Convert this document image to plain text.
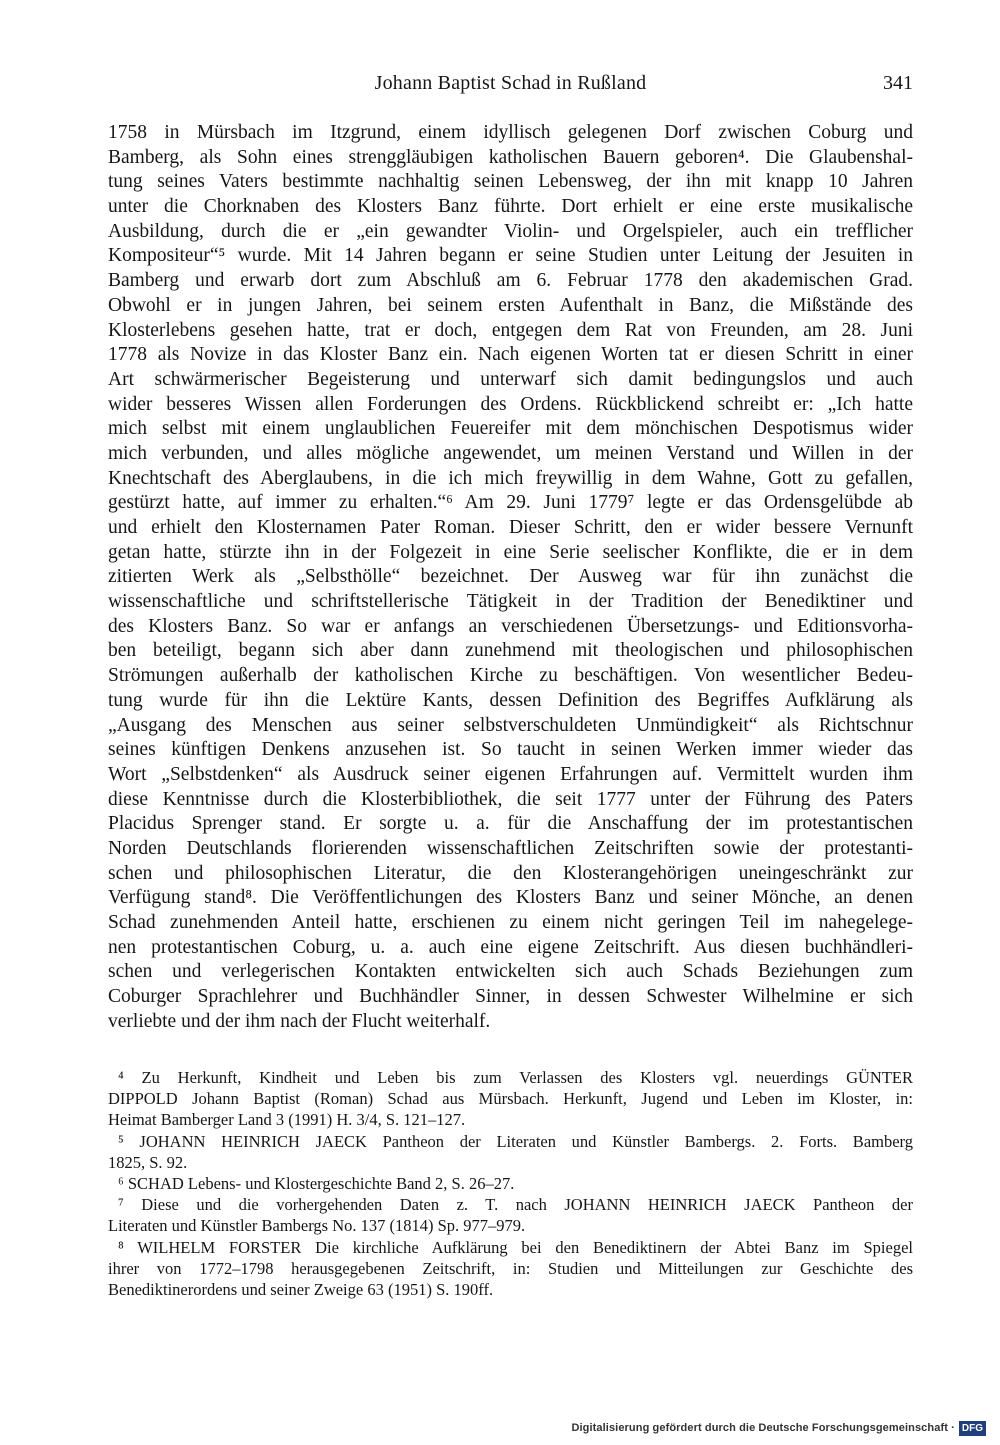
Johann Baptist Schad in Rußland	341
1758 in Mürsbach im Itzgrund, einem idyllisch gelegenen Dorf zwischen Coburg und
Bamberg, als Sohn eines strenggläubigen katholischen Bauern geboren⁴. Die Glaubenshal-
tung seines Vaters bestimmte nachhaltig seinen Lebensweg, der ihn mit knapp 10 Jahren
unter die Chorknaben des Klosters Banz führte. Dort erhielt er eine erste musikalische
Ausbildung, durch die er „ein gewandter Violin- und Orgelspieler, auch ein trefflicher
Kompositeur“⁵ wurde. Mit 14 Jahren begann er seine Studien unter Leitung der Jesuiten in
Bamberg und erwarb dort zum Abschluß am 6. Februar 1778 den akademischen Grad.
Obwohl er in jungen Jahren, bei seinem ersten Aufenthalt in Banz, die Mißstände des
Klosterlebens gesehen hatte, trat er doch, entgegen dem Rat von Freunden, am 28. Juni
1778 als Novize in das Kloster Banz ein. Nach eigenen Worten tat er diesen Schritt in einer
Art schwärmerischer Begeisterung und unterwarf sich damit bedingungslos und auch
wider besseres Wissen allen Forderungen des Ordens. Rückblickend schreibt er: „Ich hatte
mich selbst mit einem unglaublichen Feuereifer mit dem mönchischen Despotismus wider
mich verbunden, und alles mögliche angewendet, um meinen Verstand und Willen in der
Knechtschaft des Aberglaubens, in die ich mich freywillig in dem Wahne, Gott zu gefallen,
gestürzt hatte, auf immer zu erhalten.“⁶ Am 29. Juni 1779⁷ legte er das Ordensgelübde ab
und erhielt den Klosternamen Pater Roman. Dieser Schritt, den er wider bessere Vernunft
getan hatte, stürzte ihn in der Folgezeit in eine Serie seelischer Konflikte, die er in dem
zitierten Werk als „Selbsthölle“ bezeichnet. Der Ausweg war für ihn zunächst die
wissenschaftliche und schriftstellerische Tätigkeit in der Tradition der Benediktiner und
des Klosters Banz. So war er anfangs an verschiedenen Übersetzungs- und Editionsvorha-
ben beteiligt, begann sich aber dann zunehmend mit theologischen und philosophischen
Strömungen außerhalb der katholischen Kirche zu beschäftigen. Von wesentlicher Bedeu-
tung wurde für ihn die Lektüre Kants, dessen Definition des Begriffes Aufklärung als
„Ausgang des Menschen aus seiner selbstverschuldeten Unmündigkeit“ als Richtschnur
seines künftigen Denkens anzusehen ist. So taucht in seinen Werken immer wieder das
Wort „Selbstdenken“ als Ausdruck seiner eigenen Erfahrungen auf. Vermittelt wurden ihm
diese Kenntnisse durch die Klosterbibliothek, die seit 1777 unter der Führung des Paters
Placidus Sprenger stand. Er sorgte u. a. für die Anschaffung der im protestantischen
Norden Deutschlands florierenden wissenschaftlichen Zeitschriften sowie der protestanti-
schen und philosophischen Literatur, die den Klosterangehörigen uneingeschränkt zur
Verfügung stand⁸. Die Veröffentlichungen des Klosters Banz und seiner Mönche, an denen
Schad zunehmenden Anteil hatte, erschienen zu einem nicht geringen Teil im nahegelege-
nen protestantischen Coburg, u. a. auch eine eigene Zeitschrift. Aus diesen buchhändleri-
schen und verlegerischen Kontakten entwickelten sich auch Schads Beziehungen zum
Coburger Sprachlehrer und Buchhändler Sinner, in dessen Schwester Wilhelmine er sich
verliebte und der ihm nach der Flucht weiterhalf.
⁴ Zu Herkunft, Kindheit und Leben bis zum Verlassen des Klosters vgl. neuerdings GÜNTER
DIPPOLD Johann Baptist (Roman) Schad aus Mürsbach. Herkunft, Jugend und Leben im Kloster, in:
Heimat Bamberger Land 3 (1991) H. 3/4, S. 121–127.
⁵ JOHANN HEINRICH JAECK Pantheon der Literaten und Künstler Bambergs. 2. Forts. Bamberg
1825, S. 92.
⁶ SCHAD Lebens- und Klostergeschichte Band 2, S. 26–27.
⁷ Diese und die vorhergehenden Daten z. T. nach JOHANN HEINRICH JAECK Pantheon der
Literaten und Künstler Bambergs No. 137 (1814) Sp. 977–979.
⁸ WILHELM FORSTER Die kirchliche Aufklärung bei den Benediktinern der Abtei Banz im Spiegel
ihrer von 1772–1798 herausgegebenen Zeitschrift, in: Studien und Mitteilungen zur Geschichte des
Benediktinerordens und seiner Zweige 63 (1951) S. 190ff.
Digitalisierung gefördert durch die Deutsche Forschungsgemeinschaft · DFG
